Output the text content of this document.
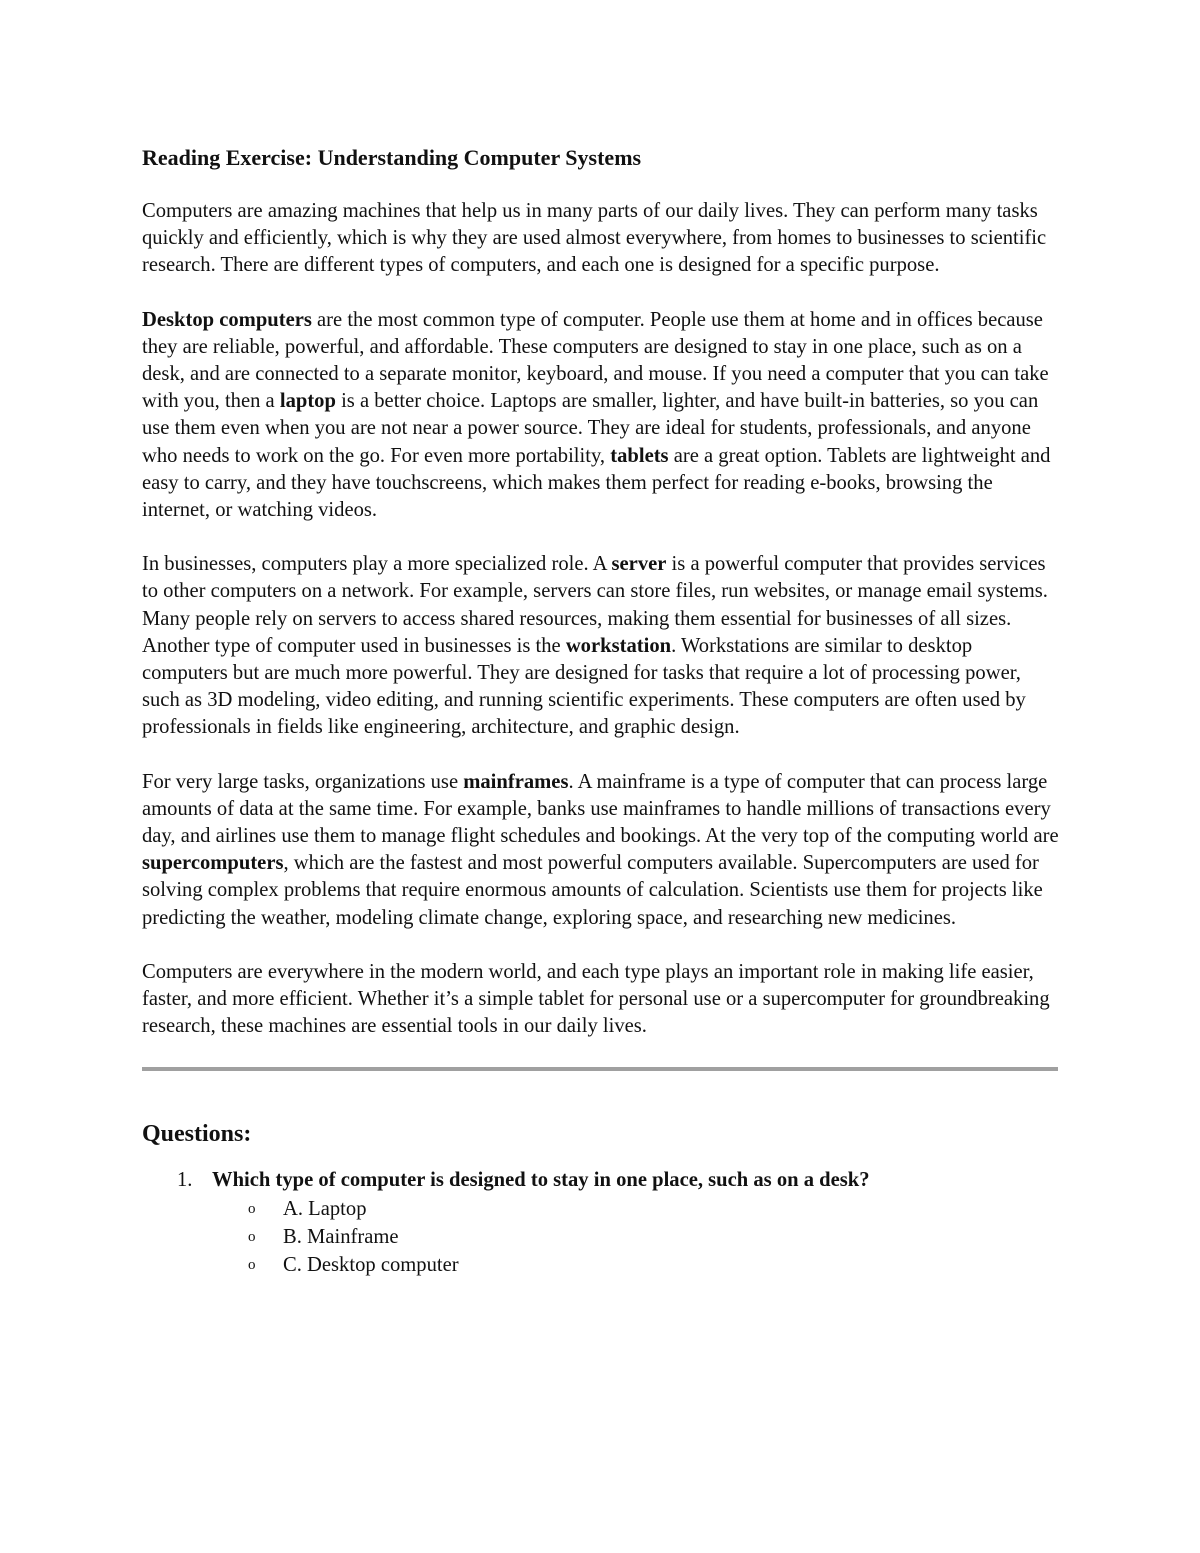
Reading Exercise: Understanding Computer Systems

Computers are amazing machines that help us in many parts of our daily lives. They can perform many tasks quickly and efficiently, which is why they are used almost everywhere, from homes to businesses to scientific research. There are different types of computers, and each one is designed for a specific purpose.

Desktop computers are the most common type of computer. People use them at home and in offices because they are reliable, powerful, and affordable. These computers are designed to stay in one place, such as on a desk, and are connected to a separate monitor, keyboard, and mouse. If you need a computer that you can take with you, then a laptop is a better choice. Laptops are smaller, lighter, and have built-in batteries, so you can use them even when you are not near a power source. They are ideal for students, professionals, and anyone who needs to work on the go. For even more portability, tablets are a great option. Tablets are lightweight and easy to carry, and they have touchscreens, which makes them perfect for reading e-books, browsing the internet, or watching videos.

In businesses, computers play a more specialized role. A server is a powerful computer that provides services to other computers on a network. For example, servers can store files, run websites, or manage email systems. Many people rely on servers to access shared resources, making them essential for businesses of all sizes. Another type of computer used in businesses is the workstation. Workstations are similar to desktop computers but are much more powerful. They are designed for tasks that require a lot of processing power, such as 3D modeling, video editing, and running scientific experiments. These computers are often used by professionals in fields like engineering, architecture, and graphic design.

For very large tasks, organizations use mainframes. A mainframe is a type of computer that can process large amounts of data at the same time. For example, banks use mainframes to handle millions of transactions every day, and airlines use them to manage flight schedules and bookings. At the very top of the computing world are supercomputers, which are the fastest and most powerful computers available. Supercomputers are used for solving complex problems that require enormous amounts of calculation. Scientists use them for projects like predicting the weather, modeling climate change, exploring space, and researching new medicines.

Computers are everywhere in the modern world, and each type plays an important role in making life easier, faster, and more efficient. Whether it’s a simple tablet for personal use or a supercomputer for groundbreaking research, these machines are essential tools in our daily lives.

Questions:
1. Which type of computer is designed to stay in one place, such as on a desk?
o A. Laptop
o B. Mainframe
o C. Desktop computer
